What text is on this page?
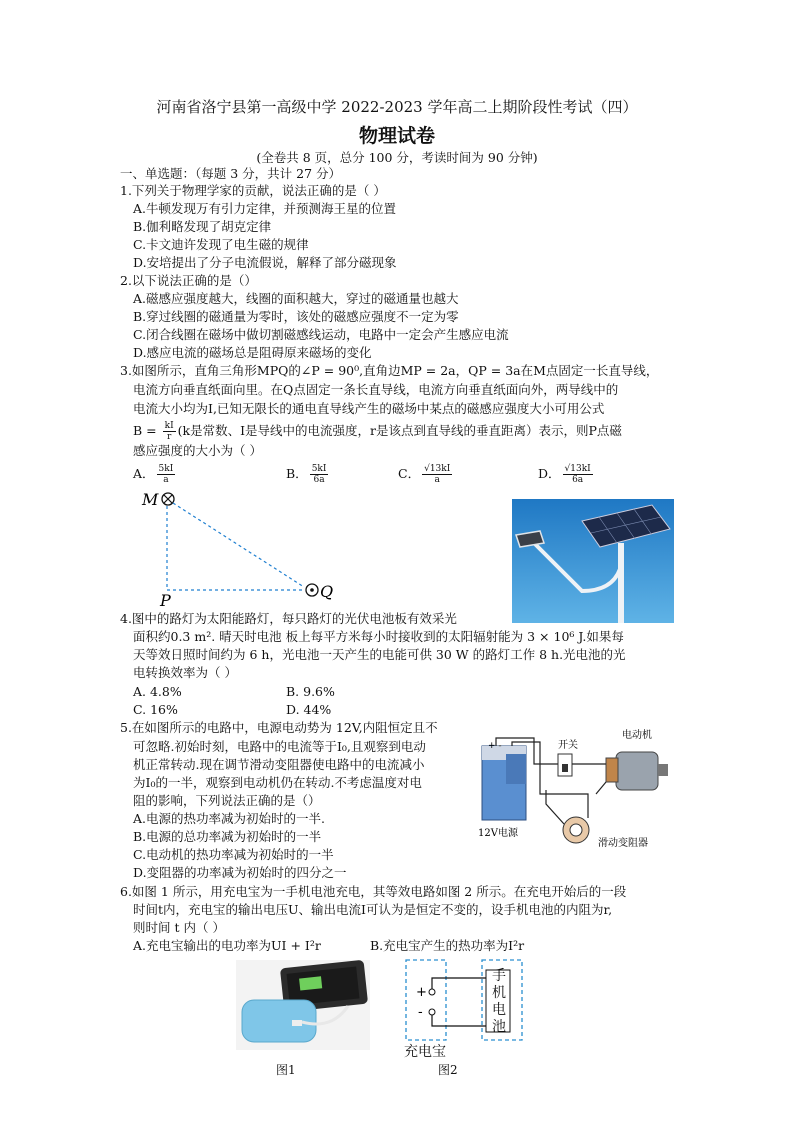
河南省洛宁县第一高级中学 2022-2023 学年高二上期阶段性考试（四）
物理试卷
(全卷共 8 页，总分 100 分，考读时间为 90 分钟)
一、单选题：（每题 3 分，共计 27 分）
1.下列关于物理学家的贡献，说法正确的是（ ）
A.牛顿发现万有引力定律，并预测海王星的位置
B.伽利略发现了胡克定律
C.卡文迪许发现了电生磁的规律
D.安培提出了分子电流假说，解释了部分磁现象
2.以下说法正确的是（）
A.磁感应强度越大，线圈的面积越大，穿过的磁通量也越大
B.穿过线圈的磁通量为零时，该处的磁感应强度不一定为零
C.闭合线圈在磁场中做切割磁感线运动，电路中一定会产生感应电流
D.感应电流的磁场总是阻碍原来磁场的变化
3.如图所示，直角三角形MPQ的∠P = 90⁰,直角边MP = 2a，QP = 3a在M点固定一长直导线，
电流方向垂直纸面向里。在Q点固定一条长直导线，电流方向垂直纸面向外，两导线中的
电流大小均为I,已知无限长的通电直导线产生的磁场中某点的磁感应强度大小可用公式
$B = \frac{kI}{r} (k$是常数、I是导线中的电流强度，r是该点到直导线的垂直距离）表示，则P点磁
感应强度的大小为（ ）
A． $\frac{5kI}{a}$	B． $\frac{5kI}{6a}$	C． $\frac{√13kI}{a}$	D． $\frac{√13kI}{6a}$
M
P	Q
4.图中的路灯为太阳能路灯，每只路灯的光伏电池板有效采光
面积约0.3 m². 晴天时电池 板上每平方米每小时接收到的太阳辐射能为 3 × 10⁶ J.如果每
天等效日照时间约为 6 h，光电池一天产生的电能可供 30 W 的路灯工作 8 h.光电池的光
电转换效率为（ ）
A. 4.8%	B. 9.6%
C. 16%	D. 44%
5.在如图所示的电路中，电源电动势为 12V,内阻恒定且不
可忽略.初始时刻，电路中的电流等于I₀,且观察到电动
机正常转动.现在调节滑动变阻器使电路中的电流减小
为I₀的一半，观察到电动机仍在转动.不考虑温度对电
阻的影响，下列说法正确的是（）
A.电源的热功率减为初始时的一半.
B.电源的总功率减为初始时的一半
C.电动机的热功率减为初始时的一半
D.变阻器的功率减为初始时的四分之一
+ -
12V电源
开关
电动机
滑动变阻器
6.如图 1 所示，用充电宝为一手机电池充电，其等效电路如图 2 所示。在充电开始后的一段
时间t内，充电宝的输出电压U、输出电流I可认为是恒定不变的，设手机电池的内阻为r,
则时间 t 内（ ）
A.充电宝输出的电功率为UI + I²r	B.充电宝产生的热功率为I²r
图1
+
-
手机电池
充电宝
图2
